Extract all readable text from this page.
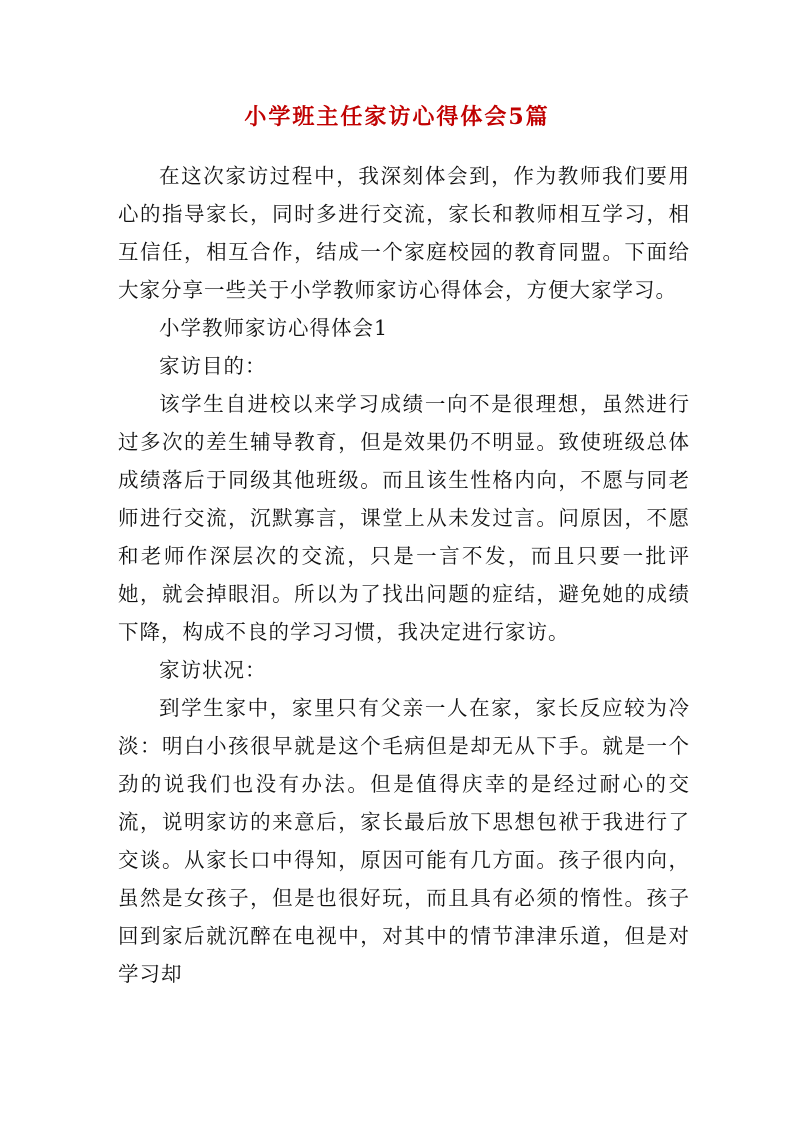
小学班主任家访心得体会5篇

在这次家访过程中，我深刻体会到，作为教师我们要用心的指导家长，同时多进行交流，家长和教师相互学习，相互信任，相互合作，结成一个家庭校园的教育同盟。下面给大家分享一些关于小学教师家访心得体会，方便大家学习。

小学教师家访心得体会1

家访目的：

该学生自进校以来学习成绩一向不是很理想，虽然进行过多次的差生辅导教育，但是效果仍不明显。致使班级总体成绩落后于同级其他班级。而且该生性格内向，不愿与同老师进行交流，沉默寡言，课堂上从未发过言。问原因，不愿和老师作深层次的交流，只是一言不发，而且只要一批评她，就会掉眼泪。所以为了找出问题的症结，避免她的成绩下降，构成不良的学习习惯，我决定进行家访。

家访状况：

到学生家中，家里只有父亲一人在家，家长反应较为冷淡：明白小孩很早就是这个毛病但是却无从下手。就是一个劲的说我们也没有办法。但是值得庆幸的是经过耐心的交流，说明家访的来意后，家长最后放下思想包袱于我进行了交谈。从家长口中得知，原因可能有几方面。孩子很内向，虽然是女孩子，但是也很好玩，而且具有必须的惰性。孩子回到家后就沉醉在电视中，对其中的情节津津乐道，但是对学习却
